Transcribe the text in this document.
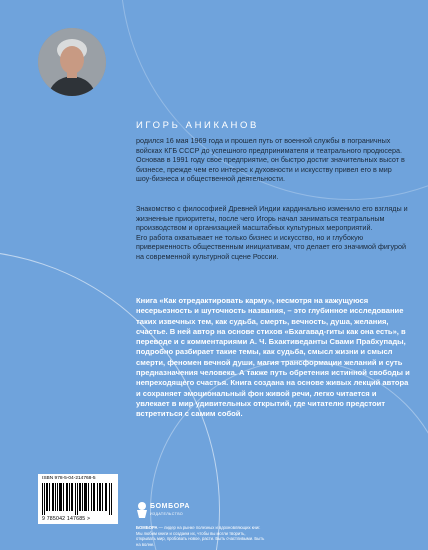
ИГОРЬ АНИКАНОВ
родился 16 мая 1969 года и прошел путь от военной службы в пограничных войсках КГБ СССР до успешного предпринимателя и театрального продюсера. Основав в 1991 году свое предприятие, он быстро достиг значительных высот в бизнесе, прежде чем его интерес к духовности и искусству привел его в мир шоу-бизнеса и общественной деятельности.

Знакомство с философией Древней Индии кардинально изменило его взгляды и жизненные приоритеты, после чего Игорь начал заниматься театральным производством и организацией масштабных культурных мероприятий.

Его работа охватывает не только бизнес и искусство, но и глубокую приверженность общественным инициативам, что делает его значимой фигурой на современной культурной сцене России.

Книга «Как отредактировать карму», несмотря на кажущуюся несерьезность и шуточность названия, – это глубинное исследование таких извечных тем, как судьба, смерть, вечность, душа, желания, счастье. В ней автор на основе стихов «Бхагавад-гиты как она есть», в переводе и с комментариями А. Ч. Бхактиведанты Свами Прабхупады, подробно разбирает такие темы, как судьба, смысл жизни и смысл смерти, феномен вечной души, магия трансформации желаний и суть предназначения человека. А также путь обретения истинной свободы и непреходящего счастья. Книга создана на основе живых лекций автора и сохраняет эмоциональный фон живой речи, легко читается и увлекает в мир удивительных открытий, где читателю предстоит встретиться с самим собой.
ISBN 978-5-04-214768-5
9 785042 147685 >
БОМБОРА
ИЗДАТЕЛЬСТВО
БОМБОРА — лидер на рынке полезных и вдохновляющих книг. Мы любим книги и создаем их, чтобы вы могли творить, открывать мир, пробовать новое, расти. Быть счастливыми. Быть на волне.
